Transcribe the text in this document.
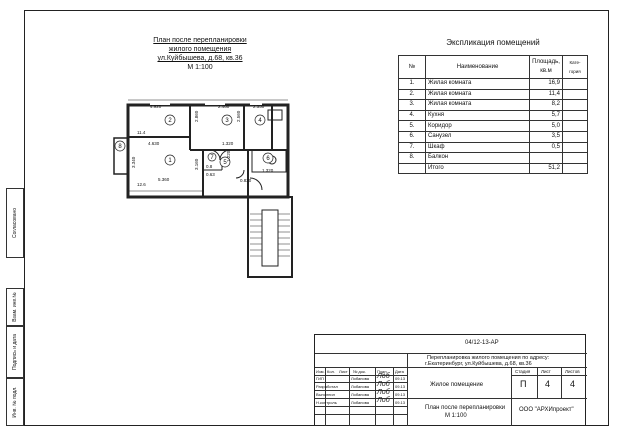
План после перепланировки
жилого помещения
ул.Куйбышева, д.68, кв.36
М 1:100
1
2	3	4
5
6
7
8
4.920	2.460	2.550
4.630	1.320
5.360
2.860	2.560
3.340	3.160
1.220
1.320
0.8
0.63
11.4
12.6
0.820
Экспликация помещений
№	Наименование	Площадь, кв.м	Кате-гория
1.	Жилая комната	16,9	
2.	Жилая комната	11,4	
3.	Жилая комната	8,2	
4.	Кухня	5,7	
5.	Коридор	5,0	
6.	Санузел	3,5	
7.	Шкаф	0,5	
8.	Балкон		
	Итого	51,2	
Согласовано
Взам. инв.№
Подпись и дата
Инв. № подл.
04/12-13-АР
Перепланировка жилого помещения по адресу:
г.Екатеринбург, ул.Куйбышева, д.68, кв.36
Изм. Кол. Лист № док.	Подп. Дата
ГИП	Лобанова	09.13
Разработал	Лобанова	09.13
Выполнил	Лобанова	09.13
Н.контроль	Лобанова	09.13
Лоб
Лоб
Лоб
Лоб
Жилое помещение
Стадия Лист	Листов
П 4 4
План после перепланировки
М 1:100
ООО "АРХИпроект"
